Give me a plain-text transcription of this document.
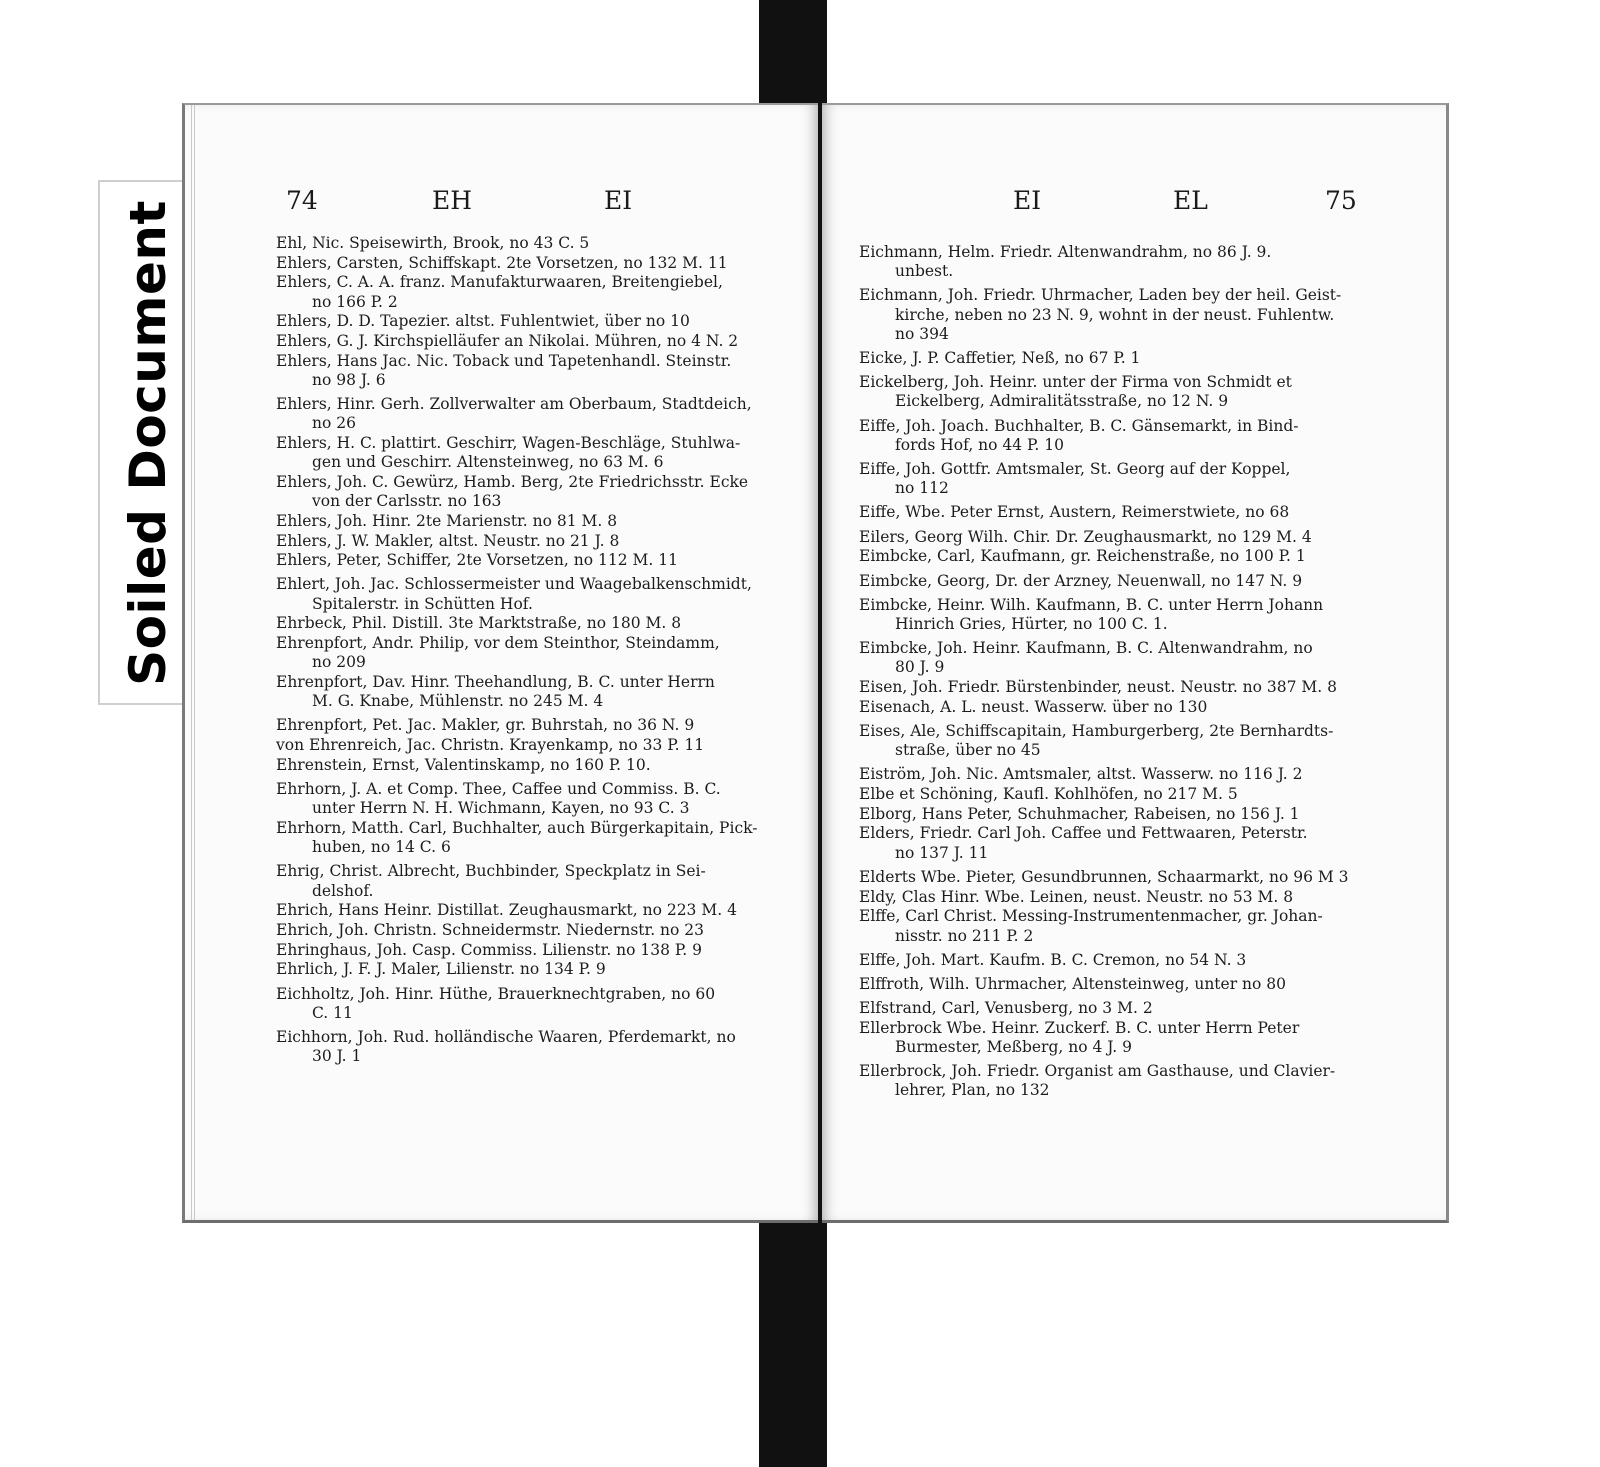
Soiled Document	74	EH	EI	EI	EL	75
Ehl, Nic. Speisewirth, Brook, no 43 C. 5
Ehlers, Carsten, Schiffskapt. 2te Vorsetzen, no 132 M. 11
Ehlers, C. A. A. franz. Manufakturwaaren, Breitengiebel,
no 166 P. 2
Ehlers, D. D. Tapezier. altst. Fuhlentwiet, über no 10
Ehlers, G. J. Kirchspielläufer an Nikolai. Mühren, no 4 N. 2
Ehlers, Hans Jac. Nic. Toback und Tapetenhandl. Steinstr.
no 98 J. 6
Ehlers, Hinr. Gerh. Zollverwalter am Oberbaum, Stadtdeich,
no 26
Ehlers, H. C. plattirt. Geschirr, Wagen-Beschläge, Stuhlwa-
gen und Geschirr. Altensteinweg, no 63 M. 6
Ehlers, Joh. C. Gewürz, Hamb. Berg, 2te Friedrichsstr. Ecke
von der Carlsstr. no 163
Ehlers, Joh. Hinr. 2te Marienstr. no 81 M. 8
Ehlers, J. W. Makler, altst. Neustr. no 21 J. 8
Ehlers, Peter, Schiffer, 2te Vorsetzen, no 112 M. 11
Ehlert, Joh. Jac. Schlossermeister und Waagebalkenschmidt,
Spitalerstr. in Schütten Hof.
Ehrbeck, Phil. Distill. 3te Marktstraße, no 180 M. 8
Ehrenpfort, Andr. Philip, vor dem Steinthor, Steindamm,
no 209
Ehrenpfort, Dav. Hinr. Theehandlung, B. C. unter Herrn
M. G. Knabe, Mühlenstr. no 245 M. 4
Ehrenpfort, Pet. Jac. Makler, gr. Buhrstah, no 36 N. 9
von Ehrenreich, Jac. Christn. Krayenkamp, no 33 P. 11
Ehrenstein, Ernst, Valentinskamp, no 160 P. 10.
Ehrhorn, J. A. et Comp. Thee, Caffee und Commiss. B. C.
unter Herrn N. H. Wichmann, Kayen, no 93 C. 3
Ehrhorn, Matth. Carl, Buchhalter, auch Bürgerkapitain, Pick-
huben, no 14 C. 6
Ehrig, Christ. Albrecht, Buchbinder, Speckplatz in Sei-
delshof.
Ehrich, Hans Heinr. Distillat. Zeughausmarkt, no 223 M. 4
Ehrich, Joh. Christn. Schneidermstr. Niedernstr. no 23
Ehringhaus, Joh. Casp. Commiss. Lilienstr. no 138 P. 9
Ehrlich, J. F. J. Maler, Lilienstr. no 134 P. 9
Eichholtz, Joh. Hinr. Hüthe, Brauerknechtgraben, no 60
C. 11
Eichhorn, Joh. Rud. holländische Waaren, Pferdemarkt, no
30 J. 1
Eichmann, Helm. Friedr. Altenwandrahm, no 86 J. 9.
unbest.
Eichmann, Joh. Friedr. Uhrmacher, Laden bey der heil. Geist-
kirche, neben no 23 N. 9, wohnt in der neust. Fuhlentw.
no 394
Eicke, J. P. Caffetier, Neß, no 67 P. 1
Eickelberg, Joh. Heinr. unter der Firma von Schmidt et
Eickelberg, Admiralitätsstraße, no 12 N. 9
Eiffe, Joh. Joach. Buchhalter, B. C. Gänsemarkt, in Bind-
fords Hof, no 44 P. 10
Eiffe, Joh. Gottfr. Amtsmaler, St. Georg auf der Koppel,
no 112
Eiffe, Wbe. Peter Ernst, Austern, Reimerstwiete, no 68
Eilers, Georg Wilh. Chir. Dr. Zeughausmarkt, no 129 M. 4
Eimbcke, Carl, Kaufmann, gr. Reichenstraße, no 100 P. 1
Eimbcke, Georg, Dr. der Arzney, Neuenwall, no 147 N. 9
Eimbcke, Heinr. Wilh. Kaufmann, B. C. unter Herrn Johann
Hinrich Gries, Hürter, no 100 C. 1.
Eimbcke, Joh. Heinr. Kaufmann, B. C. Altenwandrahm, no
80 J. 9
Eisen, Joh. Friedr. Bürstenbinder, neust. Neustr. no 387 M. 8
Eisenach, A. L. neust. Wasserw. über no 130
Eises, Ale, Schiffscapitain, Hamburgerberg, 2te Bernhardts-
straße, über no 45
Eiström, Joh. Nic. Amtsmaler, altst. Wasserw. no 116 J. 2
Elbe et Schöning, Kaufl. Kohlhöfen, no 217 M. 5
Elborg, Hans Peter, Schuhmacher, Rabeisen, no 156 J. 1
Elders, Friedr. Carl Joh. Caffee und Fettwaaren, Peterstr.
no 137 J. 11
Elderts Wbe. Pieter, Gesundbrunnen, Schaarmarkt, no 96 M 3
Eldy, Clas Hinr. Wbe. Leinen, neust. Neustr. no 53 M. 8
Elffe, Carl Christ. Messing-Instrumentenmacher, gr. Johan-
nisstr. no 211 P. 2
Elffe, Joh. Mart. Kaufm. B. C. Cremon, no 54 N. 3
Elffroth, Wilh. Uhrmacher, Altensteinweg, unter no 80
Elfstrand, Carl, Venusberg, no 3 M. 2
Ellerbrock Wbe. Heinr. Zuckerf. B. C. unter Herrn Peter
Burmester, Meßberg, no 4 J. 9
Ellerbrock, Joh. Friedr. Organist am Gasthause, und Clavier-
lehrer, Plan, no 132
